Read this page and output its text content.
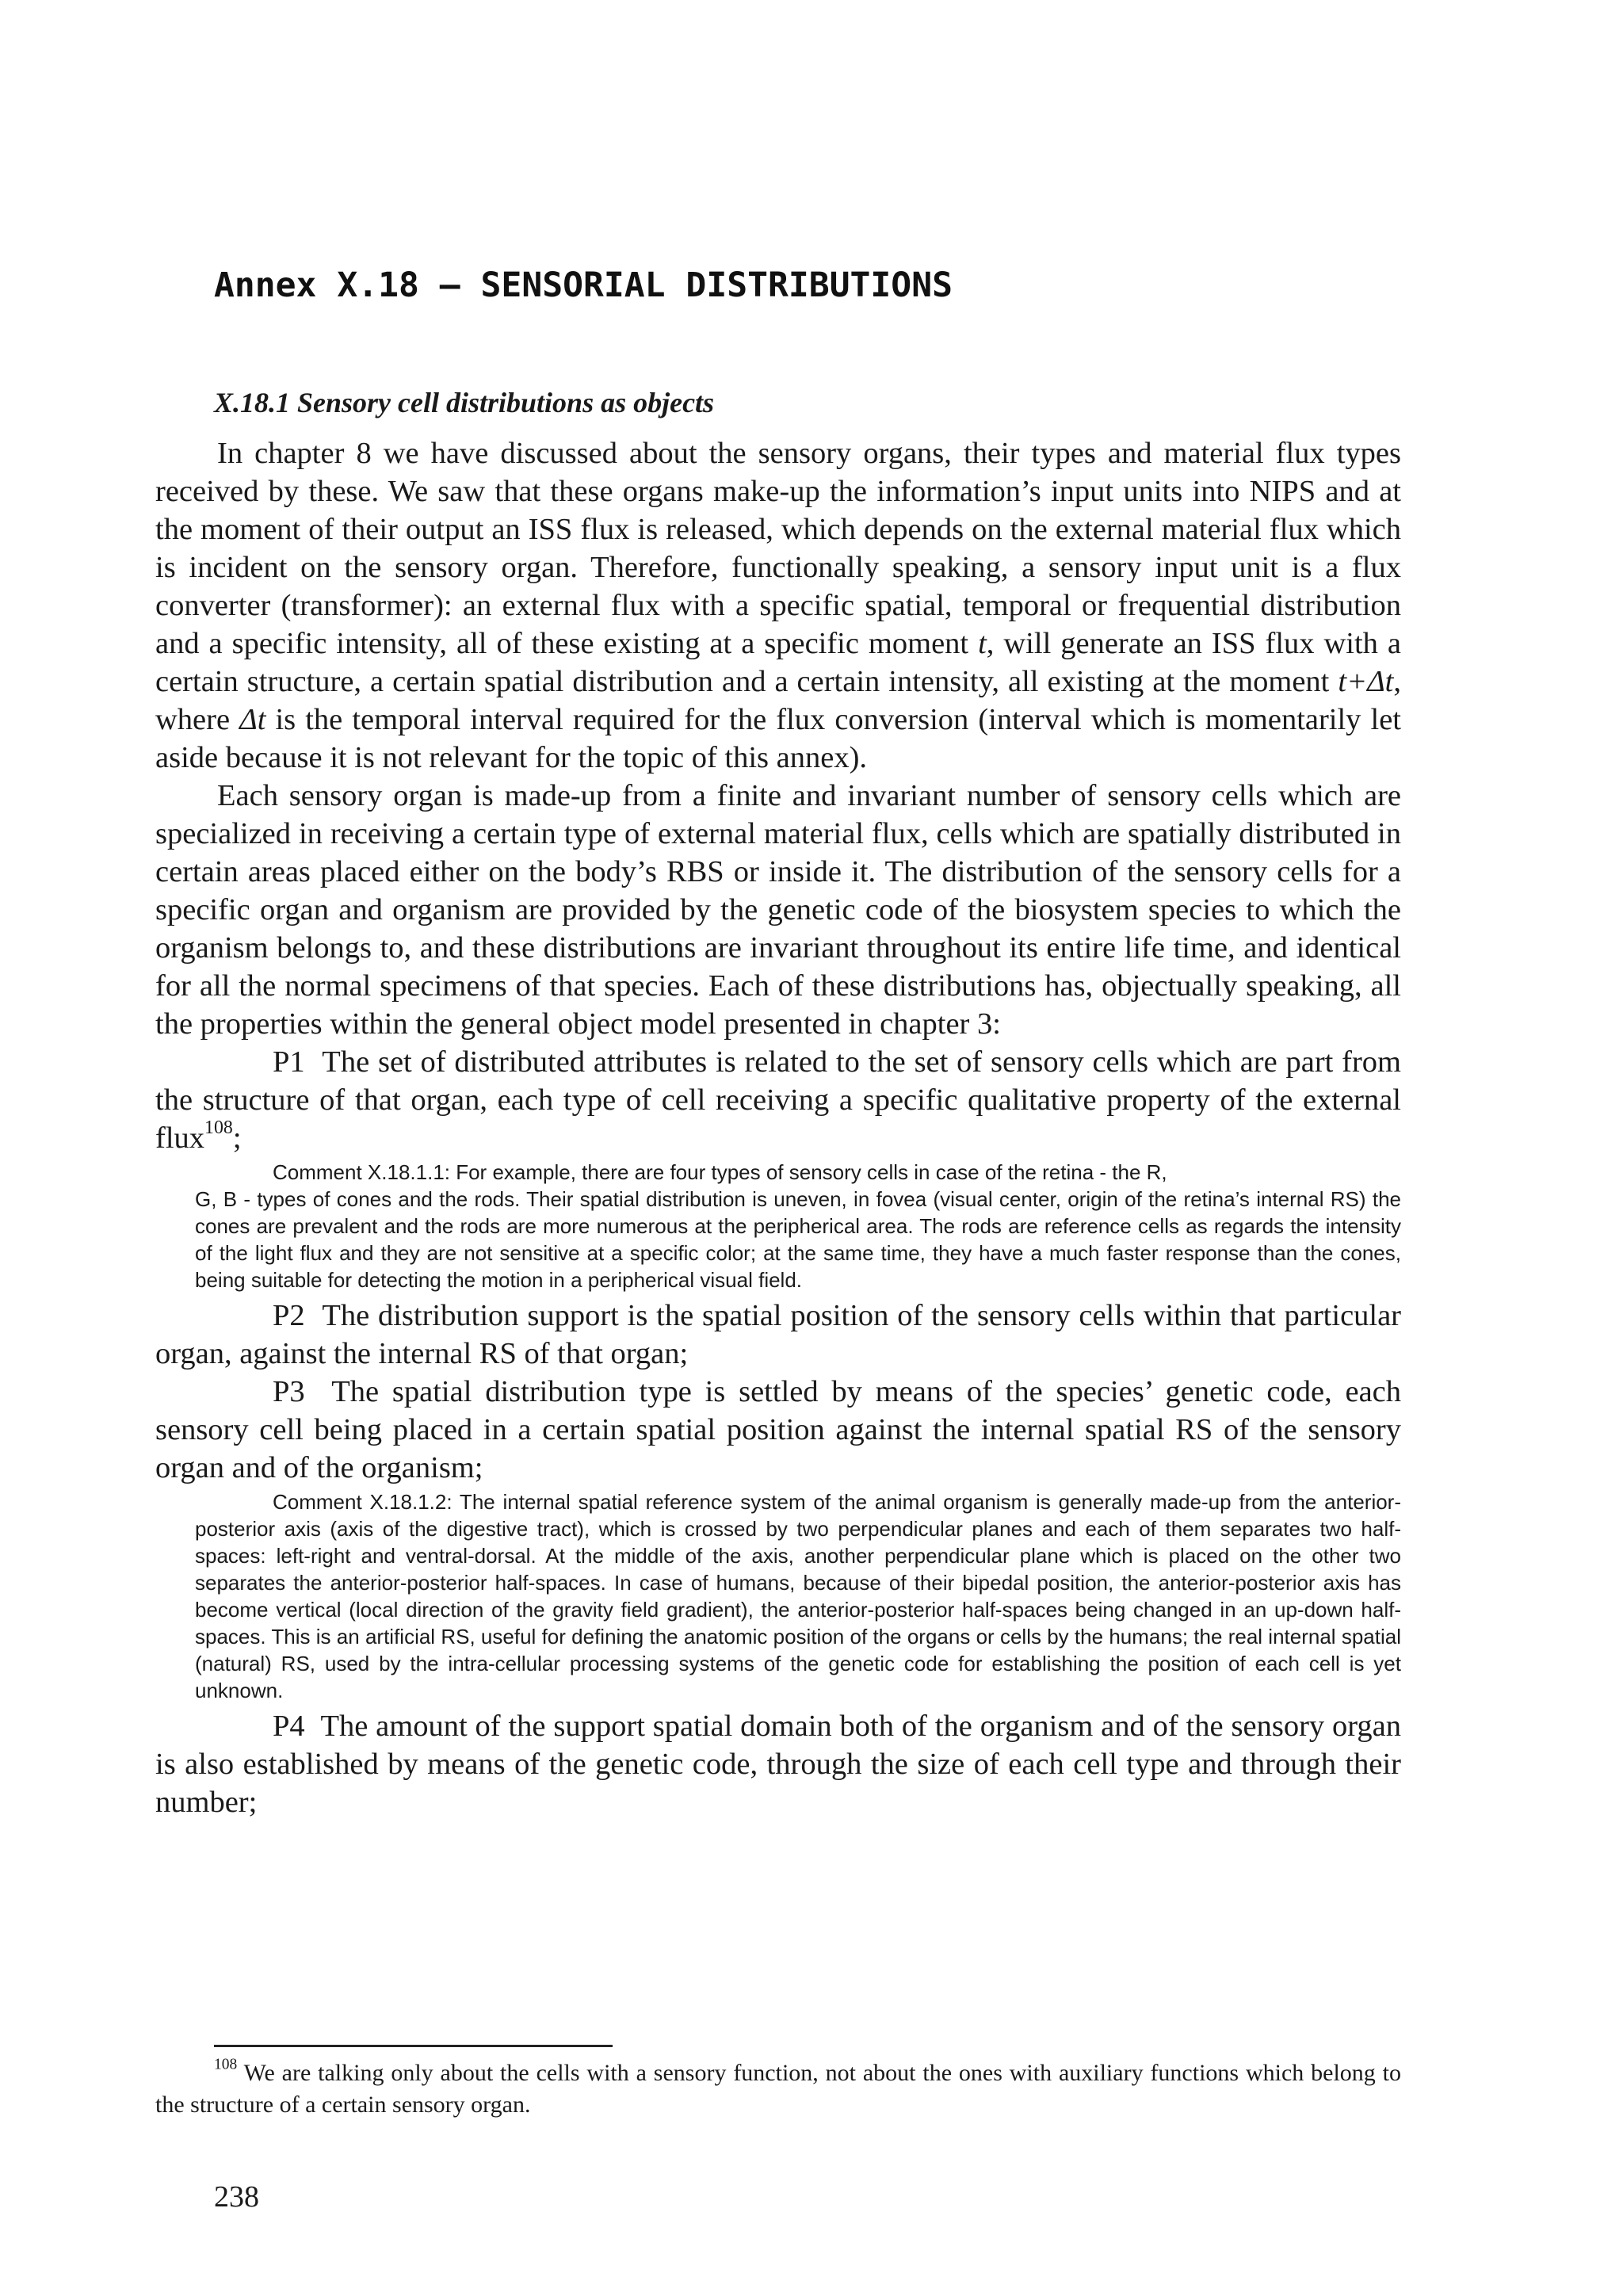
Annex X.18 – SENSORIAL DISTRIBUTIONS
X.18.1 Sensory cell distributions as objects

In chapter 8 we have discussed about the sensory organs, their types and material flux types received by these. We saw that these organs make-up the information’s input units into NIPS and at the moment of their output an ISS flux is released, which depends on the external material flux which is incident on the sensory organ. Therefore, functionally speaking, a sensory input unit is a flux converter (transformer): an external flux with a specific spatial, temporal or frequential distribution and a specific intensity, all of these existing at a specific moment t, will generate an ISS flux with a certain structure, a certain spatial distribution and a certain intensity, all existing at the moment t+Δt, where Δt is the temporal interval required for the flux conversion (interval which is momentarily let aside because it is not relevant for the topic of this annex).

Each sensory organ is made-up from a finite and invariant number of sensory cells which are specialized in receiving a certain type of external material flux, cells which are spatially distributed in certain areas placed either on the body’s RBS or inside it. The distribution of the sensory cells for a specific organ and organism are provided by the genetic code of the biosystem species to which the organism belongs to, and these distributions are invariant throughout its entire life time, and identical for all the normal specimens of that species. Each of these distributions has, objectually speaking, all the properties within the general object model presented in chapter 3:

P1 The set of distributed attributes is related to the set of sensory cells which are part from the structure of that organ, each type of cell receiving a specific qualitative property of the external flux$^{108}$;

Comment X.18.1.1: For example, there are four types of sensory cells in case of the retina - the R,

G, B - types of cones and the rods. Their spatial distribution is uneven, in fovea (visual center, origin of the retina’s internal RS) the cones are prevalent and the rods are more numerous at the peripherical area. The rods are reference cells as regards the intensity of the light flux and they are not sensitive at a specific color; at the same time, they have a much faster response than the cones, being suitable for detecting the motion in a peripherical visual field.

P2 The distribution support is the spatial position of the sensory cells within that particular organ, against the internal RS of that organ;

P3 The spatial distribution type is settled by means of the species’ genetic code, each sensory cell being placed in a certain spatial position against the internal spatial RS of the sensory organ and of the organism;

Comment X.18.1.2: The internal spatial reference system of the animal organism is generally made-up from the anterior-posterior axis (axis of the digestive tract), which is crossed by two perpendicular planes and each of them separates two half-spaces: left-right and ventral-dorsal. At the middle of the axis, another perpendicular plane which is placed on the other two separates the anterior-posterior half-spaces. In case of humans, because of their bipedal position, the anterior-posterior axis has become vertical (local direction of the gravity field gradient), the anterior-posterior half-spaces being changed in an up-down half-spaces. This is an artificial RS, useful for defining the anatomic position of the organs or cells by the humans; the real internal spatial (natural) RS, used by the intra-cellular processing systems of the genetic code for establishing the position of each cell is yet unknown.

P4 The amount of the support spatial domain both of the organism and of the sensory organ is also established by means of the genetic code, through the size of each cell type and through their number;

$^{108}$ We are talking only about the cells with a sensory function, not about the ones with auxiliary functions which belong to the structure of a certain sensory organ.

238
